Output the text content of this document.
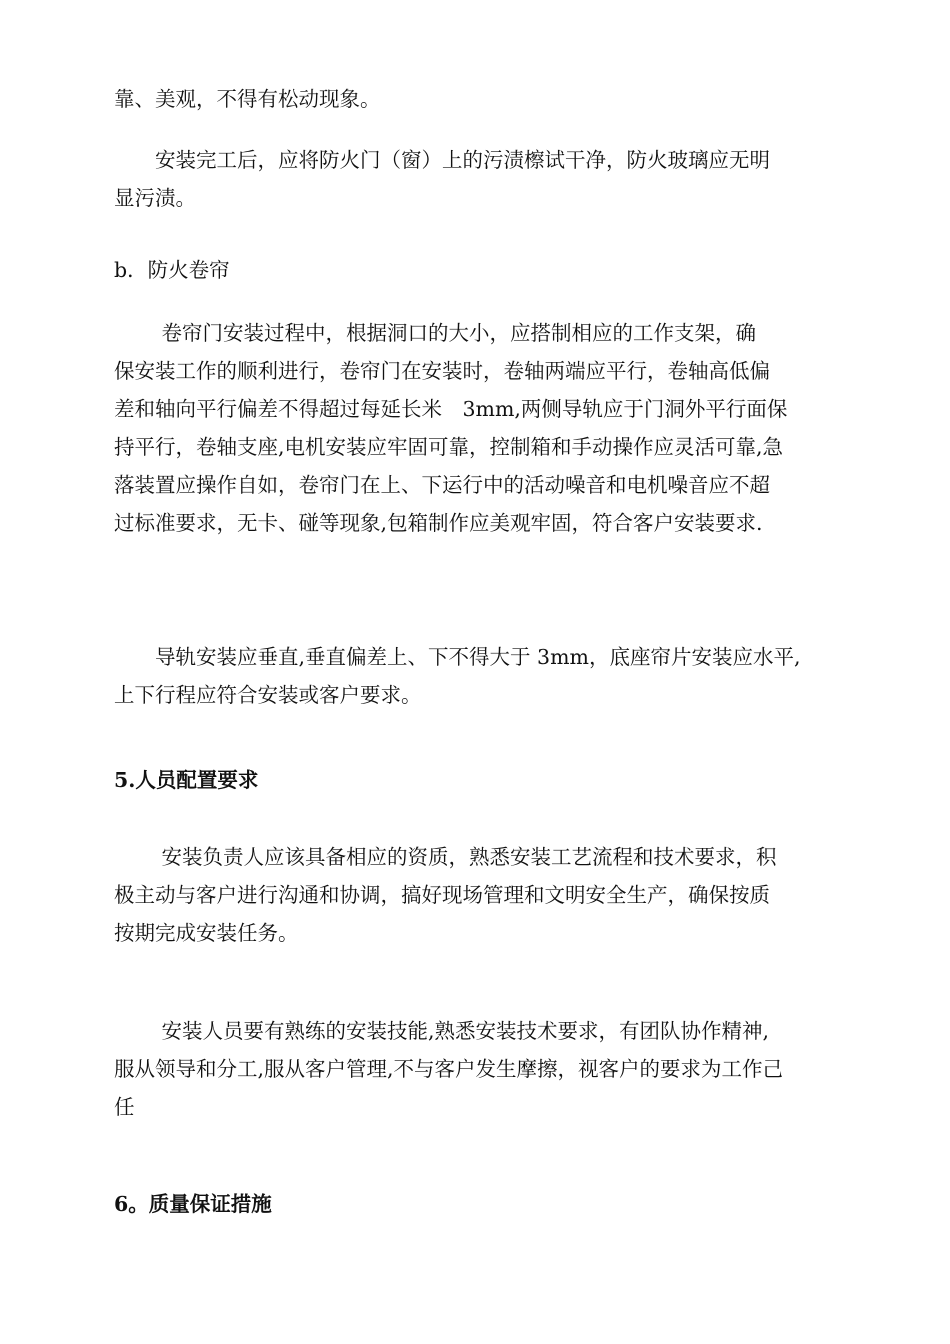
靠、美观，不得有松动现象。

　　安装完工后，应将防火门（窗）上的污渍檫试干净，防火玻璃应无明
显污渍。

b．防火卷帘

　　 卷帘门安装过程中，根据洞口的大小，应搭制相应的工作支架，确
保安装工作的顺利进行，卷帘门在安装时，卷轴两端应平行，卷轴高低偏
差和轴向平行偏差不得超过每延长米　3mm,两侧导轨应于门洞外平行面保
持平行，卷轴支座,电机安装应牢固可靠，控制箱和手动操作应灵活可靠,急
落装置应操作自如，卷帘门在上、下运行中的活动噪音和电机噪音应不超
过标准要求，无卡、碰等现象,包箱制作应美观牢固，符合客户安装要求.

　　导轨安装应垂直,垂直偏差上、下不得大于 3mm，底座帘片安装应水平,
上下行程应符合安装或客户要求。

5.人员配置要求

　　 安装负责人应该具备相应的资质，熟悉安装工艺流程和技术要求，积
极主动与客户进行沟通和协调，搞好现场管理和文明安全生产，确保按质
按期完成安装任务。

　　 安装人员要有熟练的安装技能,熟悉安装技术要求，有团队协作精神,
服从领导和分工,服从客户管理,不与客户发生摩擦，视客户的要求为工作己
任

6。质量保证措施
